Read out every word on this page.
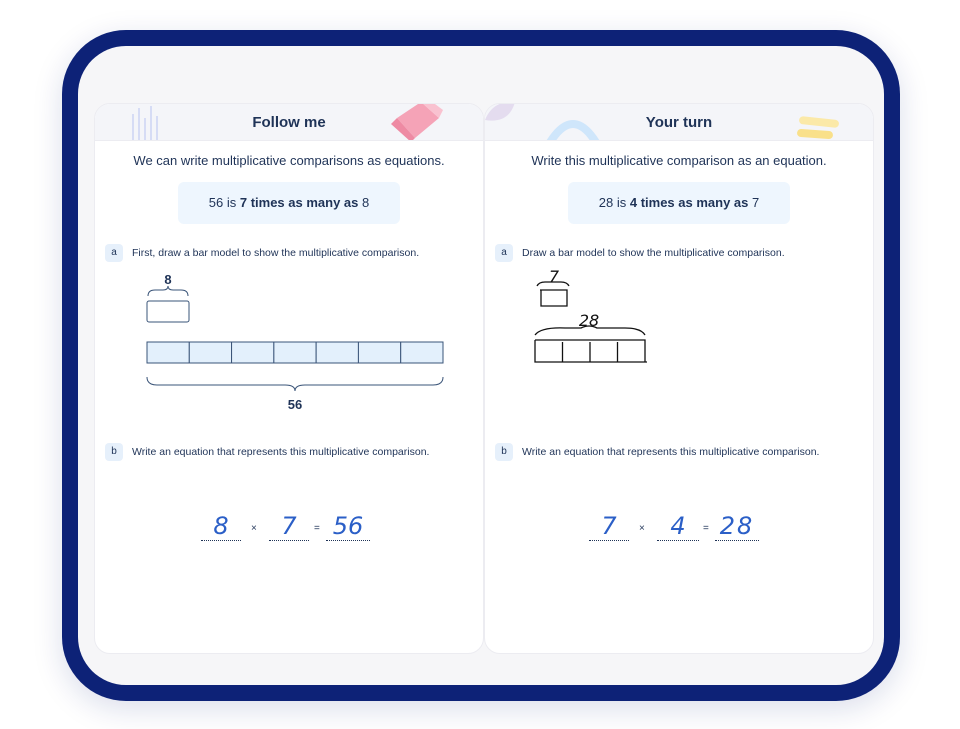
Follow me
We can write multiplicative comparisons as equations.
56 is 7 times as many as 8
a	First, draw a bar model to show the multiplicative comparison.
8
56
b	Write an equation that represents this multiplicative comparison.
8 × 7 = 56
Your turn
Write this multiplicative comparison as an equation.
28 is 4 times as many as 7
a	Draw a bar model to show the multiplicative comparison.
7
28
b	Write an equation that represents this multiplicative comparison.
7 × 4 = 28
